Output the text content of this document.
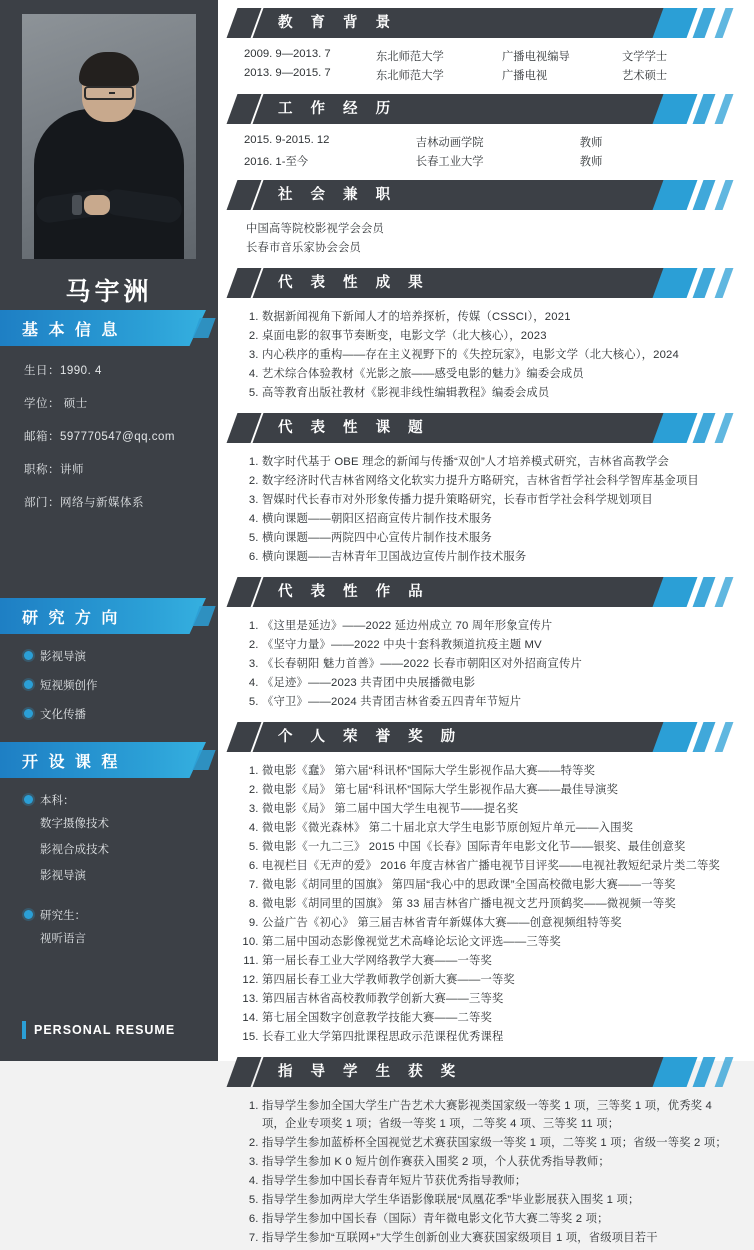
马宇洲
基 本 信 息
生日：1990. 4
学位： 硕士
邮箱：597770547@qq.com
职称：讲师
部门：网络与新媒体系
研 究 方 向
影视导演
短视频创作
文化传播
开 设 课 程
本科：
数字摄像技术
影视合成技术
影视导演
研究生：
视听语言
PERSONAL RESUME
教 育 背 景
2009. 9—2013. 7	东北师范大学	广播电视编导	文学学士
2013. 9—2015. 7	东北师范大学	广播电视	艺术硕士
工 作 经 历
2015. 9-2015. 12	吉林动画学院	教师
2016. 1-至今	长春工业大学	教师
社 会 兼 职
中国高等院校影视学会会员
长春市音乐家协会会员
代 表 性 成 果
1. 数据新闻视角下新闻人才的培养探析，传媒（CSSCI），2021
2. 桌面电影的叙事节奏断变，电影文学（北大核心），2023
3. 内心秩序的重构——存在主义视野下的《失控玩家》，电影文学（北大核心），2024
4. 艺术综合体验教材《光影之旅——感受电影的魅力》编委会成员
5. 高等教育出版社教材《影视非线性编辑教程》编委会成员
代 表 性 课 题
1. 数字时代基于 OBE 理念的新闻与传播“双创”人才培养模式研究，吉林省高教学会
2. 数字经济时代吉林省网络文化软实力提升方略研究，吉林省哲学社会科学智库基金项目
3. 智媒时代长春市对外形象传播力提升策略研究，长春市哲学社会科学规划项目
4. 横向课题——朝阳区招商宣传片制作技术服务
5. 横向课题——两院四中心宣传片制作技术服务
6. 横向课题——吉林青年卫国战边宣传片制作技术服务
代 表 性 作 品
1. 《这里是延边》——2022 延边州成立 70 周年形象宣传片
2. 《坚守力量》——2022 中央十套科教频道抗疫主题 MV
3. 《长春朝阳 魅力首善》——2022 长春市朝阳区对外招商宣传片
4. 《足迹》——2023 共青团中央展播微电影
5. 《守卫》——2024 共青团吉林省委五四青年节短片
个 人 荣 誉 奖 励
1. 微电影《蠢》 第六届“科讯杯”国际大学生影视作品大赛——特等奖
2. 微电影《局》 第七届“科讯杯”国际大学生影视作品大赛——最佳导演奖
3. 微电影《局》 第二届中国大学生电视节——提名奖
4. 微电影《微光森林》 第二十届北京大学生电影节原创短片单元——入围奖
5. 微电影《一九二三》 2015 中国《长春》国际青年电影文化节——银奖、最佳创意奖
6. 电视栏目《无声的爱》 2016 年度吉林省广播电视节目评奖——电视社教短纪录片类二等奖
7. 微电影《胡同里的国旗》 第四届“我心中的思政课”全国高校微电影大赛——一等奖
8. 微电影《胡同里的国旗》 第 33 届吉林省广播电视文艺丹顶鹤奖——微视频一等奖
9. 公益广告《初心》 第三届吉林省青年新媒体大赛——创意视频组特等奖
10. 第二届中国动态影像视觉艺术高峰论坛论文评选——三等奖
11. 第一届长春工业大学网络教学大赛——一等奖
12. 第四届长春工业大学教师教学创新大赛——一等奖
13. 第四届吉林省高校教师教学创新大赛——三等奖
14. 第七届全国数字创意教学技能大赛——二等奖
15. 长春工业大学第四批课程思政示范课程优秀课程
指 导 学 生 获 奖
1. 指导学生参加全国大学生广告艺术大赛影视类国家级一等奖 1 项，三等奖 1 项，优秀奖 4 项，企业专项奖 1 项；省级一等奖 1 项，二等奖 4 项、三等奖 11 项；
2. 指导学生参加蓝桥杯全国视觉艺术赛获国家级一等奖 1 项，二等奖 1 项；省级一等奖 2 项；
3. 指导学生参加 K 0 短片创作赛获入围奖 2 项，个人获优秀指导教师；
4. 指导学生参加中国长春青年短片节获优秀指导教师；
5. 指导学生参加两岸大学生华语影像联展“凤凰花季”毕业影展获入围奖 1 项；
6. 指导学生参加中国长春（国际）青年微电影文化节大赛二等奖 2 项；
7. 指导学生参加“互联网+”大学生创新创业大赛获国家级项目 1 项，省级项目若干
